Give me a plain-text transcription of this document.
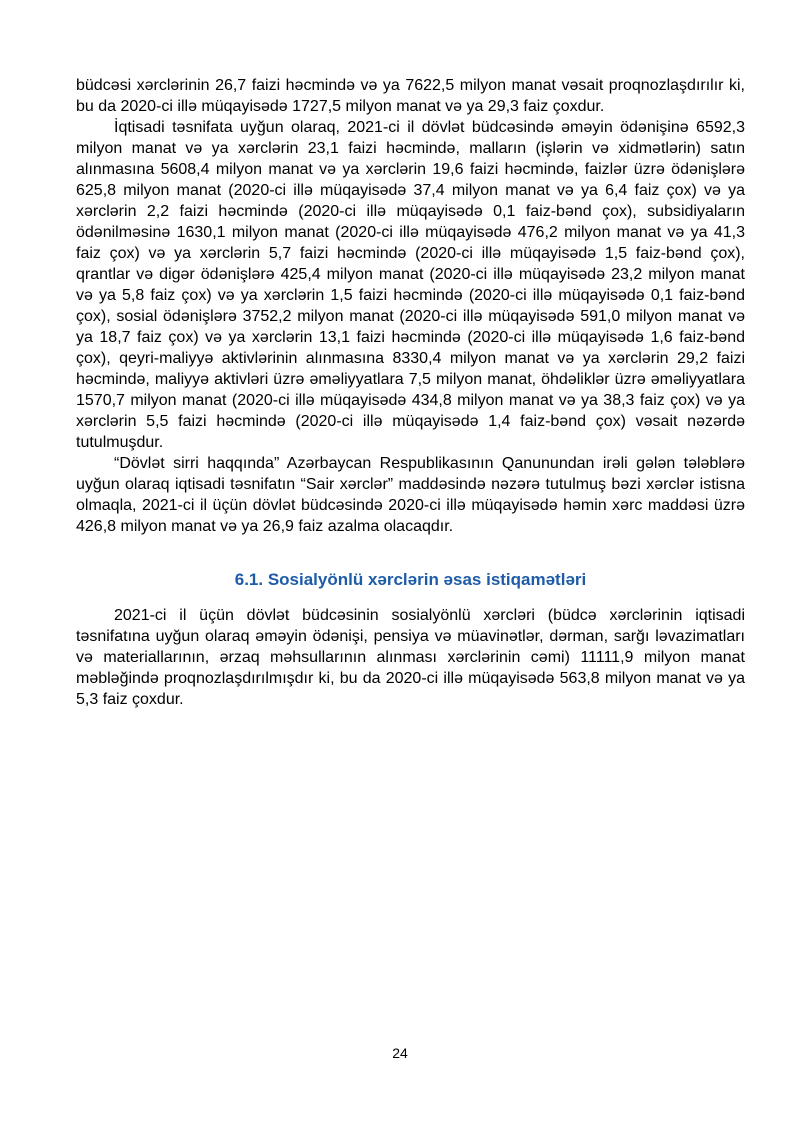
büdcəsi xərclərinin 26,7 faizi həcmində və ya 7622,5 milyon manat vəsait proqnozlaşdırılır ki, bu da 2020-ci illə müqayisədə 1727,5 milyon manat və ya 29,3 faiz çoxdur.

İqtisadi təsnifata uyğun olaraq, 2021-ci il dövlət büdcəsində əməyin ödənişinə 6592,3 milyon manat və ya xərclərin 23,1 faizi həcmində, malların (işlərin və xidmətlərin) satın alınmasına 5608,4 milyon manat və ya xərclərin 19,6 faizi həcmində, faizlər üzrə ödənişlərə 625,8 milyon manat (2020-ci illə müqayisədə 37,4 milyon manat və ya 6,4 faiz çox) və ya xərclərin 2,2 faizi həcmində (2020-ci illə müqayisədə 0,1 faiz-bənd çox), subsidiyaların ödənilməsinə 1630,1 milyon manat (2020-ci illə müqayisədə 476,2 milyon manat və ya 41,3 faiz çox) və ya xərclərin 5,7 faizi həcmində (2020-ci illə müqayisədə 1,5 faiz-bənd çox), qrantlar və digər ödənişlərə 425,4 milyon manat (2020-ci illə müqayisədə 23,2 milyon manat və ya 5,8 faiz çox) və ya xərclərin 1,5 faizi həcmində (2020-ci illə müqayisədə 0,1 faiz-bənd çox), sosial ödənişlərə 3752,2 milyon manat (2020-ci illə müqayisədə 591,0 milyon manat və ya 18,7 faiz çox) və ya xərclərin 13,1 faizi həcmində (2020-ci illə müqayisədə 1,6 faiz-bənd çox), qeyri-maliyyə aktivlərinin alınmasına 8330,4 milyon manat və ya xərclərin 29,2 faizi həcmində, maliyyə aktivləri üzrə əməliyyatlara 7,5 milyon manat, öhdəliklər üzrə əməliyyatlara 1570,7 milyon manat (2020-ci illə müqayisədə 434,8 milyon manat və ya 38,3 faiz çox) və ya xərclərin 5,5 faizi həcmində (2020-ci illə müqayisədə 1,4 faiz-bənd çox) vəsait nəzərdə tutulmuşdur.

“Dövlət sirri haqqında” Azərbaycan Respublikasının Qanunundan irəli gələn tələblərə uyğun olaraq iqtisadi təsnifatın “Sair xərclər” maddəsində nəzərə tutulmuş bəzi xərclər istisna olmaqla, 2021-ci il üçün dövlət büdcəsində 2020-ci illə müqayisədə həmin xərc maddəsi üzrə 426,8 milyon manat və ya 26,9 faiz azalma olacaqdır.

6.1. Sosialyönlü xərclərin əsas istiqamətləri

2021-ci il üçün dövlət büdcəsinin sosialyönlü xərcləri (büdcə xərclərinin iqtisadi təsnifatına uyğun olaraq əməyin ödənişi, pensiya və müavinətlər, dərman, sarğı ləvazimatları və materiallarının, ərzaq məhsullarının alınması xərclərinin cəmi) 11111,9 milyon manat məbləğində proqnozlaşdırılmışdır ki, bu da 2020-ci illə müqayisədə 563,8 milyon manat və ya 5,3 faiz çoxdur.

24
